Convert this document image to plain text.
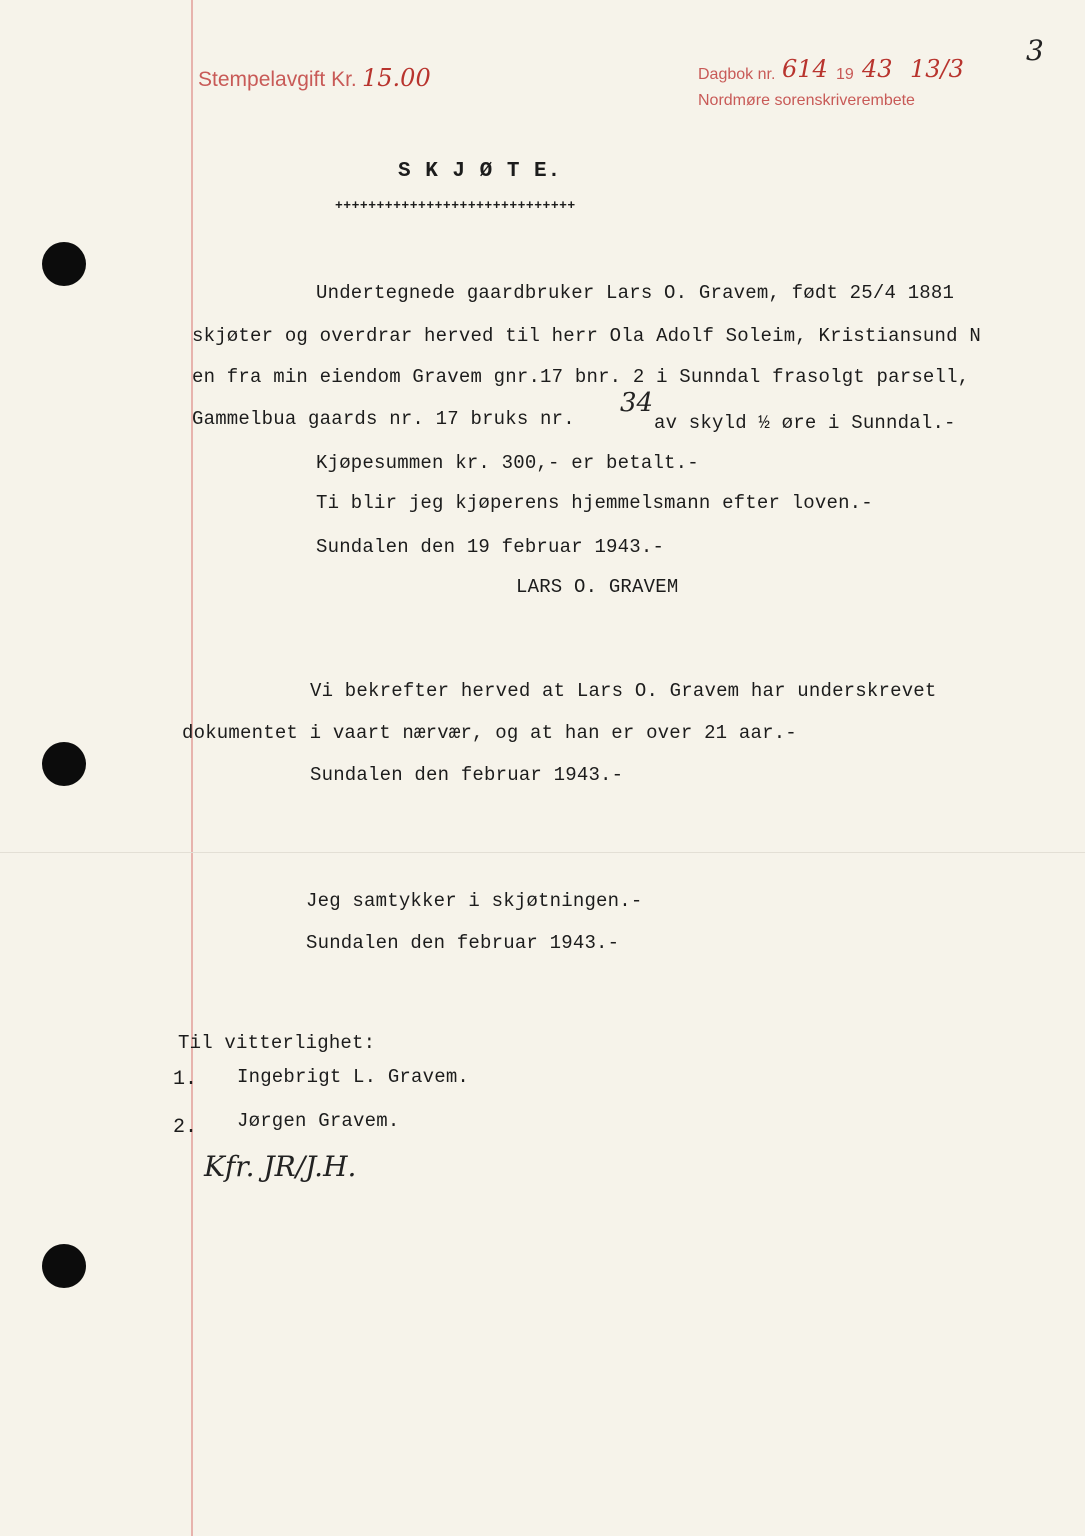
Stempelavgift Kr. 15.00	Dagbok nr. 614 19 43 13/3
Nordmøre sorenskriverembete
3
S K J Ø T E.
+++++++++++++++++++++++++++++
Undertegnede gaardbruker Lars O. Gravem, født 25/4 1881
skjøter og overdrar herved til herr Ola Adolf Soleim, Kristiansund N
en fra min eiendom Gravem gnr.17 bnr. 2 i Sunndal frasolgt parsell,
Gammelbua gaards nr. 17 bruks nr.
34
av skyld ½ øre i Sunndal.-
Kjøpesummen kr. 300,- er betalt.-
Ti blir jeg kjøperens hjemmelsmann efter loven.-
Sundalen den 19 februar 1943.-
LARS O. GRAVEM
Vi bekrefter herved at Lars O. Gravem har underskrevet
dokumentet i vaart nærvær, og at han er over 21 aar.-
Sundalen den februar 1943.-
Jeg samtykker i skjøtningen.-
Sundalen den februar 1943.-
Til vitterlighet:
1. Ingebrigt L. Gravem.
2. Jørgen Gravem.
Kfr. JR/J.H.
